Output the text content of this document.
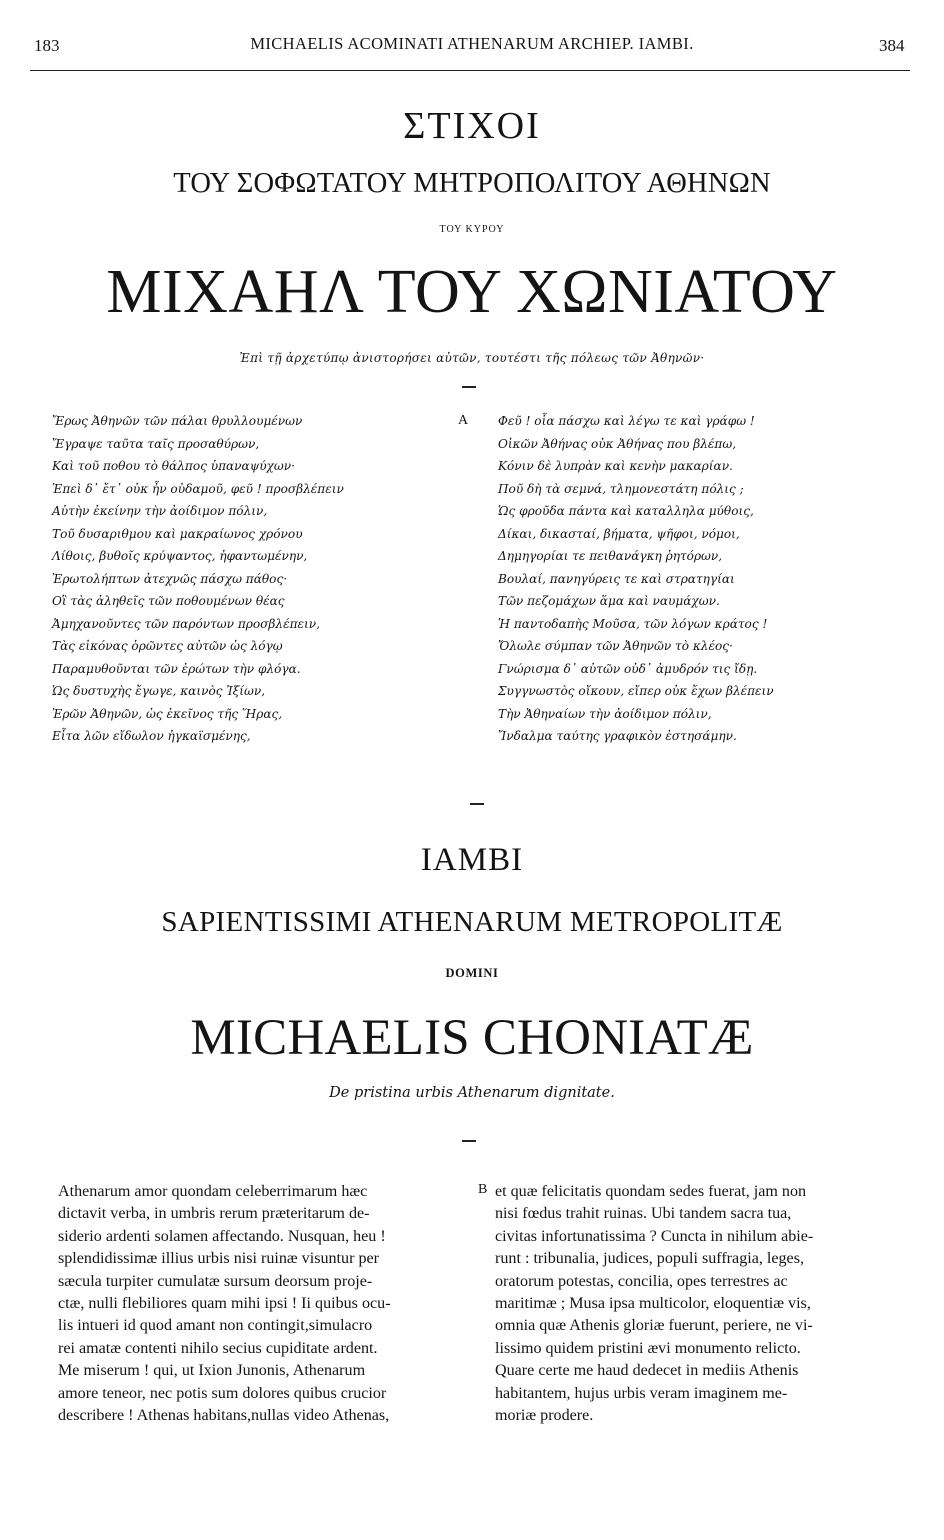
183	MICHAELIS ACOMINATI ATHENARUM ARCHIEP. IAMBI.	384
ΣΤΙΧΟΙ
ΤΟΥ ΣΟΦΩΤΑΤΟΥ ΜΗΤΡΟΠΟΛΙΤΟΥ ΑΘΗΝΩΝ
ΤΟΥ ΚΥΡΟΥ
ΜΙΧΑΗΛ ΤΟΥ ΧΩΝΙΑΤΟΥ
Ἐπὶ τῇ ἀρχετύπῳ ἀνιστορήσει αὐτῶν, τουτέστι τῆς πόλεως τῶν Ἀθηνῶν·
Ἔρως Ἀθηνῶν τῶν πάλαι θρυλλουμένων
Ἔγραψε ταῦτα ταῖς προσαθύρων,
Καὶ τοῦ ποθου τὸ θάλπος ὑπαναψύχων·
Ἐπεὶ δ᾽ ἔτ᾽ οὐκ ἦν οὐδαμοῦ, φεῦ ! προσβλέπειν
Αὐτὴν ἐκείνην τὴν ἀοίδιμον πόλιν,
Τοῦ δυσαριθμου καὶ μακραίωνος χρόνου
Λίθοις, βυθοῖς κρύψαντος, ἠφαντωμένην,
Ἐρωτολήπτων ἀτεχνῶς πάσχω πάθος·
Οἳ τὰς ἀληθεῖς τῶν ποθουμένων θέας
Ἀμηχανοῦντες τῶν παρόντων προσβλέπειν,
Τὰς εἰκόνας ὁρῶντες αὐτῶν ὡς λόγῳ
Παραμυθοῦνται τῶν ἐρώτων τὴν φλόγα.
Ὡς δυστυχὴς ἔγωγε, καινὸς Ἰξίων,
Ἐρῶν Ἀθηνῶν, ὡς ἐκεῖνος τῆς Ἥρας,
Εἶτα λῶν εἴδωλον ἠγκαϊσμένης,
A Φεῦ ! οἷα πάσχω καὶ λέγω τε καὶ γράφω !
Οἰκῶν Ἀθήνας οὐκ Ἀθήνας που βλέπω,
Κόνιν δὲ λυπρὰν καὶ κενὴν μακαρίαν.
Ποῦ δὴ τὰ σεμνά, τλημονεστάτη πόλις ;
Ὡς φροῦδα πάντα καὶ καταλληλα μύθοις,
Δίκαι, δικασταί, βήματα, ψῆφοι, νόμοι,
Δημηγορίαι τε πειθανάγκη ῥητόρων,
Βουλαί, πανηγύρεις τε καὶ στρατηγίαι
Τῶν πεζομάχων ἅμα καὶ ναυμάχων.
Ἡ παντοδαπὴς Μοῦσα, τῶν λόγων κράτος !
Ὄλωλε σύμπαν τῶν Ἀθηνῶν τὸ κλέος·
Γνώρισμα δ᾽ αὐτῶν οὐδ᾽ ἀμυδρόν τις ἴδῃ.
Συγγνωστὸς οἴκουν, εἴπερ οὐκ ἔχων βλέπειν
Τὴν Ἀθηναίων τὴν ἀοίδιμον πόλιν,
Ἴνδαλμα ταύτης γραφικὸν ἐστησάμην.
IAMBI
SAPIENTISSIMI ATHENARUM METROPOLITÆ
DOMINI
MICHAELIS CHONIATÆ
De pristina urbis Athenarum dignitate.
Athenarum amor quondam celeberrimarum hæc
dictavit verba, in umbris rerum præteritarum de-
siderio ardenti solamen affectando. Nusquan, heu !
splendidissimæ illius urbis nisi ruinæ visuntur per
sæcula turpiter cumulatæ sursum deorsum proje-
ctæ, nulli flebiliores quam mihi ipsi ! Ii quibus ocu-
lis intueri id quod amant non contingit,simulacro
rei amatæ contenti nihilo secius cupiditate ardent.
Me miserum ! qui, ut Ixion Junonis, Athenarum
amore teneor, nec potis sum dolores quibus crucior
describere ! Athenas habitans,nullas video Athenas,
B et quæ felicitatis quondam sedes fuerat, jam non
nisi fœdus trahit ruinas. Ubi tandem sacra tua,
civitas infortunatissima ? Cuncta in nihilum abie-
runt : tribunalia, judices, populi suffragia, leges,
oratorum potestas, concilia, opes terrestres ac
maritimæ ; Musa ipsa multicolor, eloquentiæ vis,
omnia quæ Athenis gloriæ fuerunt, periere, ne vi-
lissimo quidem pristini ævi monumento relicto.
Quare certe me haud dedecet in mediis Athenis
habitantem, hujus urbis veram imaginem me-
moriæ prodere.
